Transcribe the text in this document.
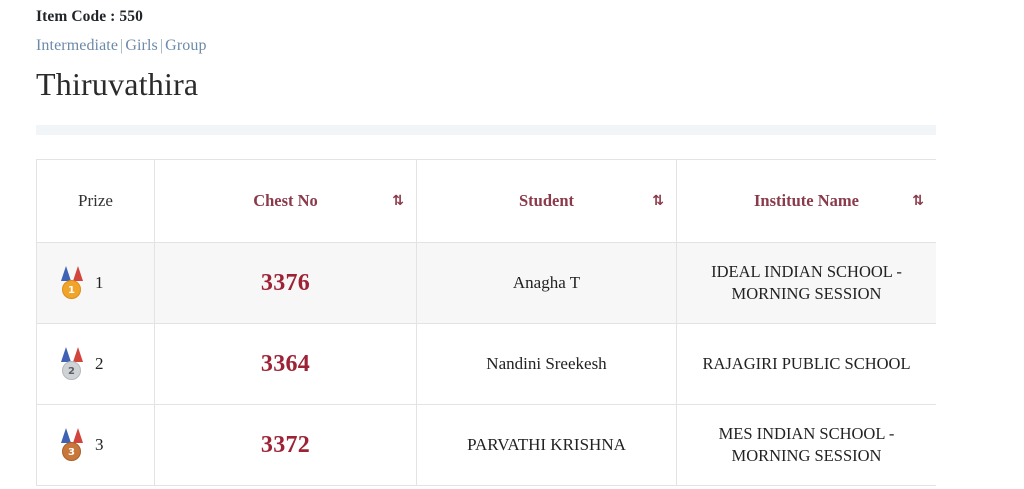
Item Code : 550
Intermediate | Girls | Group
Thiruvathira
Prize	Chest No ⇅	Student ⇅	Institute Name ⇅

1 1	3376	Anagha T	IDEAL INDIAN SCHOOL - MORNING SESSION

2 2	3364	Nandini Sreekesh	RAJAGIRI PUBLIC SCHOOL

3 3	3372	PARVATHI KRISHNA	MES INDIAN SCHOOL - MORNING SESSION
